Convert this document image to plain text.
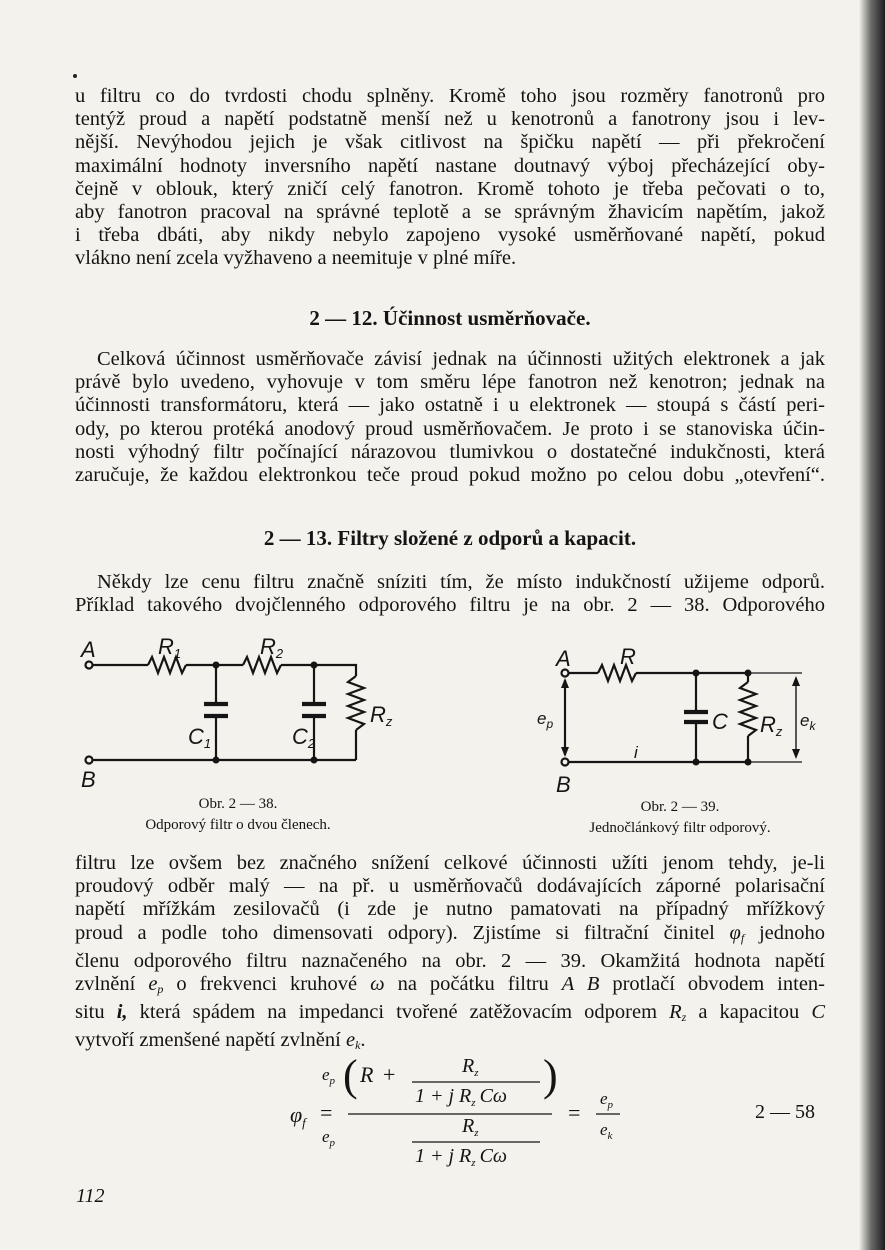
u filtru co do tvrdosti chodu splněny. Kromě toho jsou rozměry fanotronů pro
tentýž proud a napětí podstatně menší než u kenotronů a fanotrony jsou i lev-
nější. Nevýhodou jejich je však citlivost na špičku napětí — při překročení
maximální hodnoty inversního napětí nastane doutnavý výboj přecházející oby-
čejně v oblouk, který zničí celý fanotron. Kromě tohoto je třeba pečovati o to,
aby fanotron pracoval na správné teplotě a se správným žhavicím napětím, jakož
i třeba dbáti, aby nikdy nebylo zapojeno vysoké usměrňované napětí, pokud
vlákno není zcela vyžhaveno a neemituje v plné míře.
2 — 12. Účinnost usměrňovače.
Celková účinnost usměrňovače závisí jednak na účinnosti užitých elektronek a jak
právě bylo uvedeno, vyhovuje v tom směru lépe fanotron než kenotron; jednak na
účinnosti transformátoru, která — jako ostatně i u elektronek — stoupá s částí peri-
ody, po kterou protéká anodový proud usměrňovačem. Je proto i se stanoviska účin-
nosti výhodný filtr počínající nárazovou tlumivkou o dostatečné indukčnosti, která
zaručuje, že každou elektronkou teče proud pokud možno po celou dobu „otevření“.
2 — 13. Filtry složené z odporů a kapacit.
Někdy lze cenu filtru značně sníziti tím, že místo indukčností užijeme odporů.
Příklad takového dvojčlenného odporového filtru je na obr. 2 — 38. Odporového
A
B
R1	R2
C1	C2
Rz
Obr. 2 — 38.
Odporový filtr o dvou členech.
A
B
R
C Rz
$e_p$	$e_k$
i
Obr. 2 — 39.
Jednočlánkový filtr odporový.
filtru lze ovšem bez značného snížení celkové účinnosti užíti jenom tehdy, je-li
proudový odběr malý — na př. u usměrňovačů dodávajících záporné polarisační
napětí mřížkám zesilovačů (i zde je nutno pamatovati na případný mřížkový
proud a podle toho dimensovati odpory). Zjistíme si filtrační činitel $\varphi_f$ jednoho
členu odporového filtru naznačeného na obr. 2 — 39. Okamžitá hodnota napětí
zvlnění $e_p$ o frekvenci kruhové ω na počátku filtru A B protlačí obvodem inten-
situ i, která spádem na impedanci tvořené zatěžovacím odporem $R_z$ a kapacitou C
vytvoří zmenšené napětí zvlnění $e_k$.
$\varphi_f$ =
$e_p$ ( R +	$R_z$
1 + j $R_z$ Cω )
$e_p$
$R_z$
1 + j $R_z$ Cω
=
$e_p$
$e_k$
2 — 58
112
